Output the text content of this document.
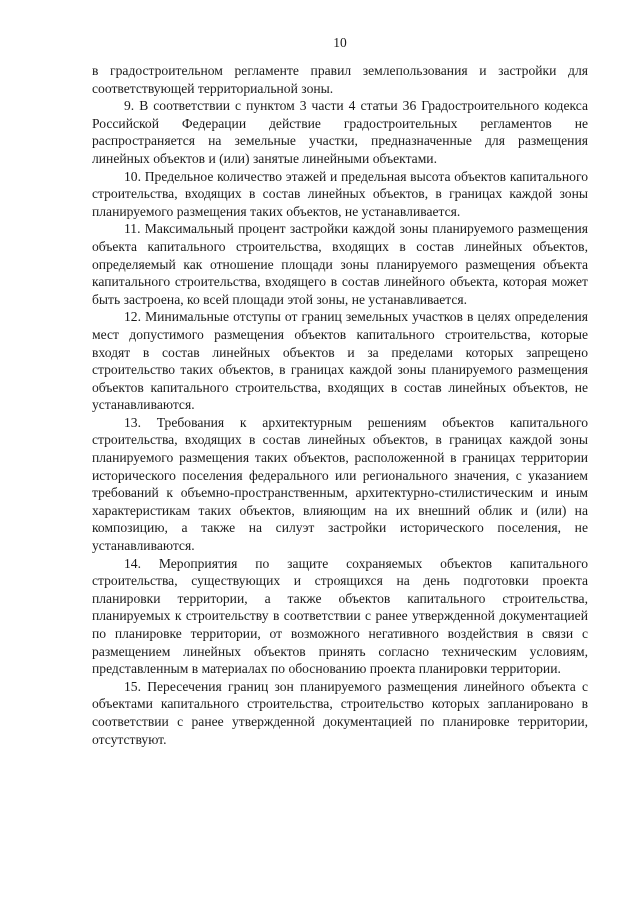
10

в градостроительном регламенте правил землепользования и застройки для соответствующей территориальной зоны.

9. В соответствии с пунктом 3 части 4 статьи 36 Градостроительного кодекса Российской Федерации действие градостроительных регламентов не распространяется на земельные участки, предназначенные для размещения линейных объектов и (или) занятые линейными объектами.

10. Предельное количество этажей и предельная высота объектов капитального строительства, входящих в состав линейных объектов, в границах каждой зоны планируемого размещения таких объектов, не устанавливается.

11. Максимальный процент застройки каждой зоны планируемого размещения объекта капитального строительства, входящих в состав линейных объектов, определяемый как отношение площади зоны планируемого размещения объекта капитального строительства, входящего в состав линейного объекта, которая может быть застроена, ко всей площади этой зоны, не устанавливается.

12. Минимальные отступы от границ земельных участков в целях определения мест допустимого размещения объектов капитального строительства, которые входят в состав линейных объектов и за пределами которых запрещено строительство таких объектов, в границах каждой зоны планируемого размещения объектов капитального строительства, входящих в состав линейных объектов, не устанавливаются.

13. Требования к архитектурным решениям объектов капитального строительства, входящих в состав линейных объектов, в границах каждой зоны планируемого размещения таких объектов, расположенной в границах территории исторического поселения федерального или регионального значения, с указанием требований к объемно-пространственным, архитектурно-стилистическим и иным характеристикам таких объектов, влияющим на их внешний облик и (или) на композицию, а также на силуэт застройки исторического поселения, не устанавливаются.

14. Мероприятия по защите сохраняемых объектов капитального строительства, существующих и строящихся на день подготовки проекта планировки территории, а также объектов капитального строительства, планируемых к строительству в соответствии с ранее утвержденной документацией по планировке территории, от возможного негативного воздействия в связи с размещением линейных объектов принять согласно техническим условиям, представленным в материалах по обоснованию проекта планировки территории.

15. Пересечения границ зон планируемого размещения линейного объекта с объектами капитального строительства, строительство которых запланировано в соответствии с ранее утвержденной документацией по планировке территории, отсутствуют.
